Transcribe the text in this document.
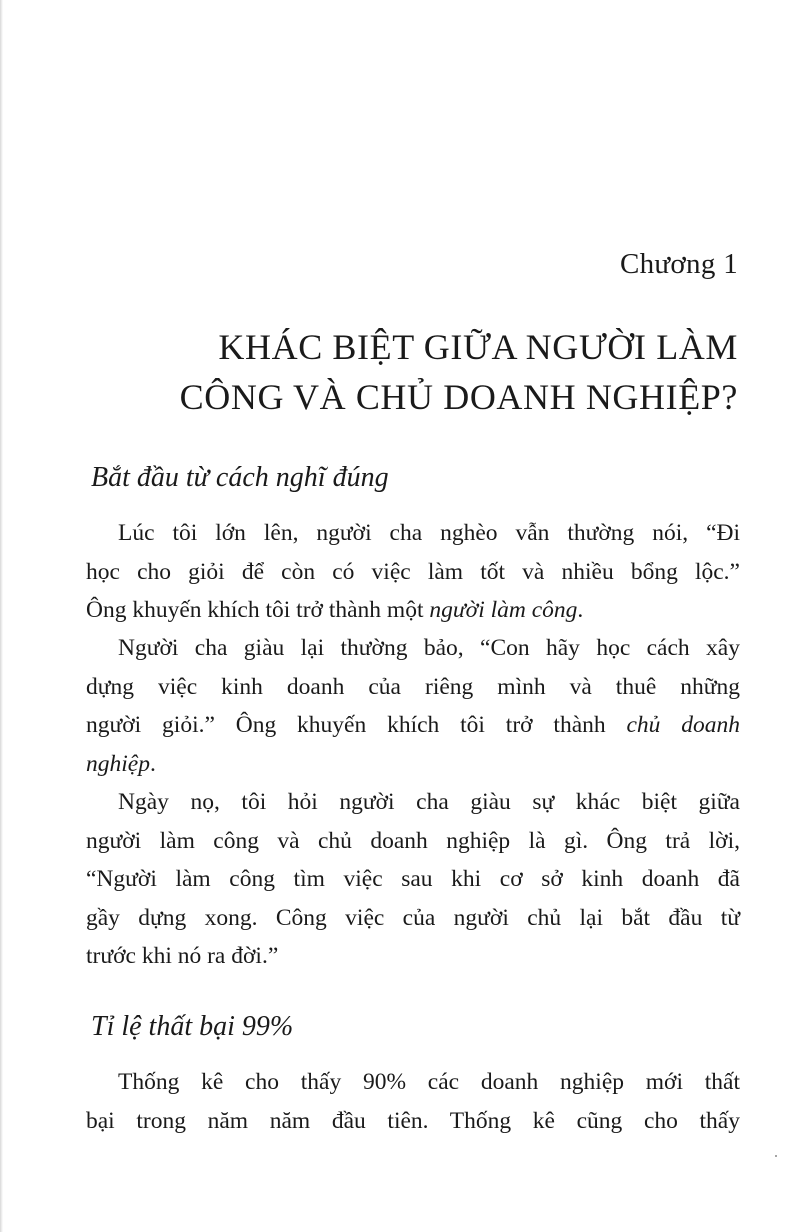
Chương 1
KHÁC BIỆT GIỮA NGƯỜI LÀM
CÔNG VÀ CHỦ DOANH NGHIỆP?
Bắt đầu từ cách nghĩ đúng

Lúc tôi lớn lên, người cha nghèo vẫn thường nói, “Đi
học cho giỏi để còn có việc làm tốt và nhiều bổng lộc.”
Ông khuyến khích tôi trở thành một người làm công.

Người cha giàu lại thường bảo, “Con hãy học cách xây
dựng việc kinh doanh của riêng mình và thuê những
người giỏi.” Ông khuyến khích tôi trở thành chủ doanh
nghiệp.

Ngày nọ, tôi hỏi người cha giàu sự khác biệt giữa
người làm công và chủ doanh nghiệp là gì. Ông trả lời,
“Người làm công tìm việc sau khi cơ sở kinh doanh đã
gầy dựng xong. Công việc của người chủ lại bắt đầu từ
trước khi nó ra đời.”

Tỉ lệ thất bại 99%

Thống kê cho thấy 90% các doanh nghiệp mới thất
bại trong năm năm đầu tiên. Thống kê cũng cho thấy
